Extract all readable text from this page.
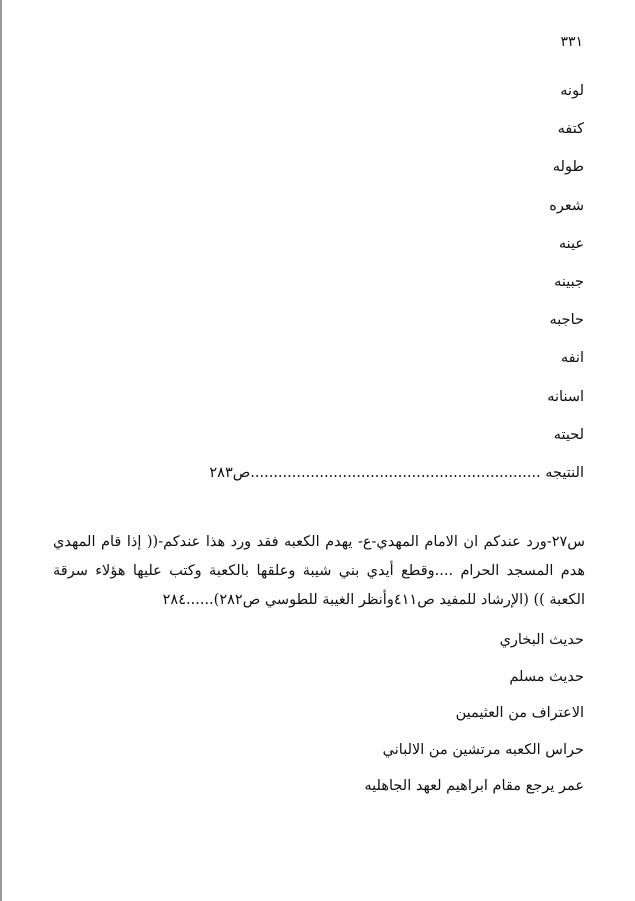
٣٣١
لونه
كتفه
طوله
شعره
عينه
جبينه
حاجبه
انفه
اسنانه
لحيته
النتيجه ...............................................................ص٢٨٣

س٢٧-ورد عندكم ان الامام المهدي-ع- يهدم الكعبه فقد ورد هذا عندكم-(( إذا قام المهدي هدم المسجد الحرام ....وقطع أيدي بني شيبة وعلقها بالكعبة وكتب عليها هؤلاء سرقة الكعبة )) (الإرشاد للمفيد ص٤١١وأنظر الغيبة للطوسي ص٢٨٢)......٢٨٤

حديث البخاري
حديث مسلم
الاعتراف من العثيمين
حراس الكعبه مرتشين من الالباني
عمر يرجع مقام ابراهيم لعهد الجاهليه
